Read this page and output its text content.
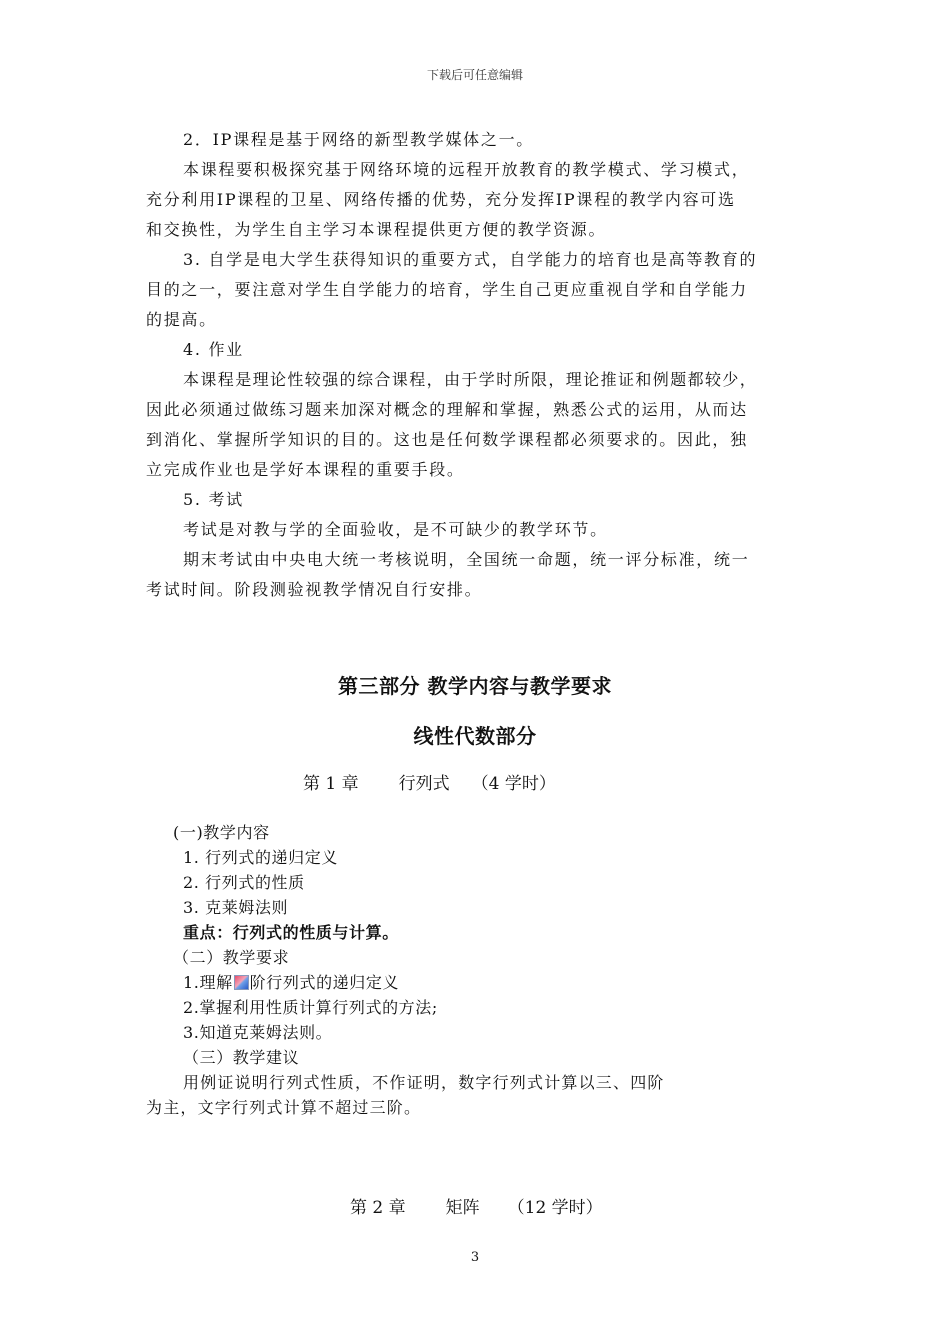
下载后可任意编辑
2．IP课程是基于网络的新型教学媒体之一。
本课程要积极探究基于网络环境的远程开放教育的教学模式、学习模式，
充分利用IP课程的卫星、网络传播的优势，充分发挥IP课程的教学内容可选
和交换性，为学生自主学习本课程提供更方便的教学资源。
3. 自学是电大学生获得知识的重要方式，自学能力的培育也是高等教育的
目的之一，要注意对学生自学能力的培育，学生自己更应重视自学和自学能力
的提高。
4. 作业
本课程是理论性较强的综合课程，由于学时所限，理论推证和例题都较少，
因此必须通过做练习题来加深对概念的理解和掌握，熟悉公式的运用，从而达
到消化、掌握所学知识的目的。这也是任何数学课程都必须要求的。因此，独
立完成作业也是学好本课程的重要手段。
5. 考试
考试是对教与学的全面验收，是不可缺少的教学环节。
期末考试由中央电大统一考核说明，全国统一命题，统一评分标准，统一
考试时间。阶段测验视教学情况自行安排。
第三部分 教学内容与教学要求
线性代数部分
第 1 章 行列式 （4 学时）
(一)教学内容
1. 行列式的递归定义
2. 行列式的性质
3. 克莱姆法则
重点：行列式的性质与计算。
（二）教学要求
1.理解 阶行列式的递归定义
2.掌握利用性质计算行列式的方法;
3.知道克莱姆法则。
（三）教学建议
用例证说明行列式性质，不作证明，数字行列式计算以三、四阶
为主，文字行列式计算不超过三阶。
第 2 章 矩阵 （12 学时）
3
